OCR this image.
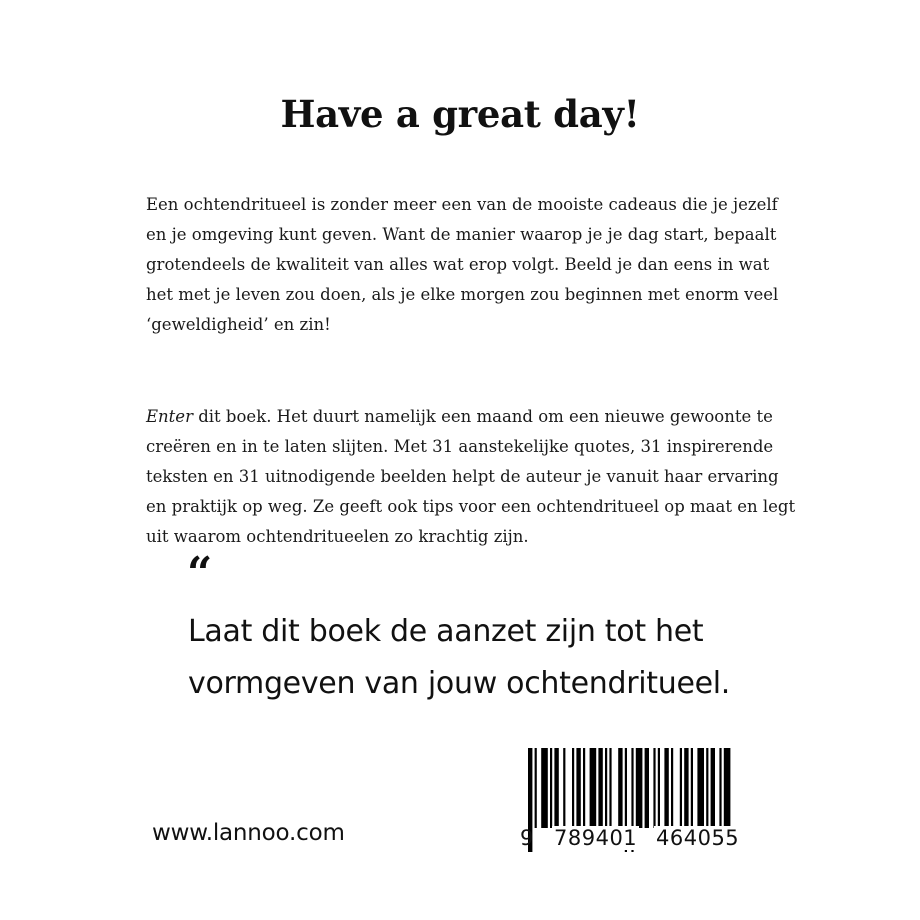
Have a great day!

Een ochtendritueel is zonder meer een van de mooiste cadeaus die je jezelf
en je omgeving kunt geven. Want de manier waarop je je dag start, bepaalt
grotendeels de kwaliteit van alles wat erop volgt. Beeld je dan eens in wat
het met je leven zou doen, als je elke morgen zou beginnen met enorm veel
‘geweldigheid’ en zin!

Enter dit boek. Het duurt namelijk een maand om een nieuwe gewoonte te
creëren en in te laten slijten. Met 31 aanstekelijke quotes, 31 inspirerende
teksten en 31 uitnodigende beelden helpt de auteur je vanuit haar ervaring
en praktijk op weg. Ze geeft ook tips voor een ochtendritueel op maat en legt
uit waarom ochtendritueelen zo krachtig zijn.

“

Laat dit boek de aanzet zijn tot het
vormgeven van jouw ochtendritueel.

www.lannoo.com	9 789401 464055
